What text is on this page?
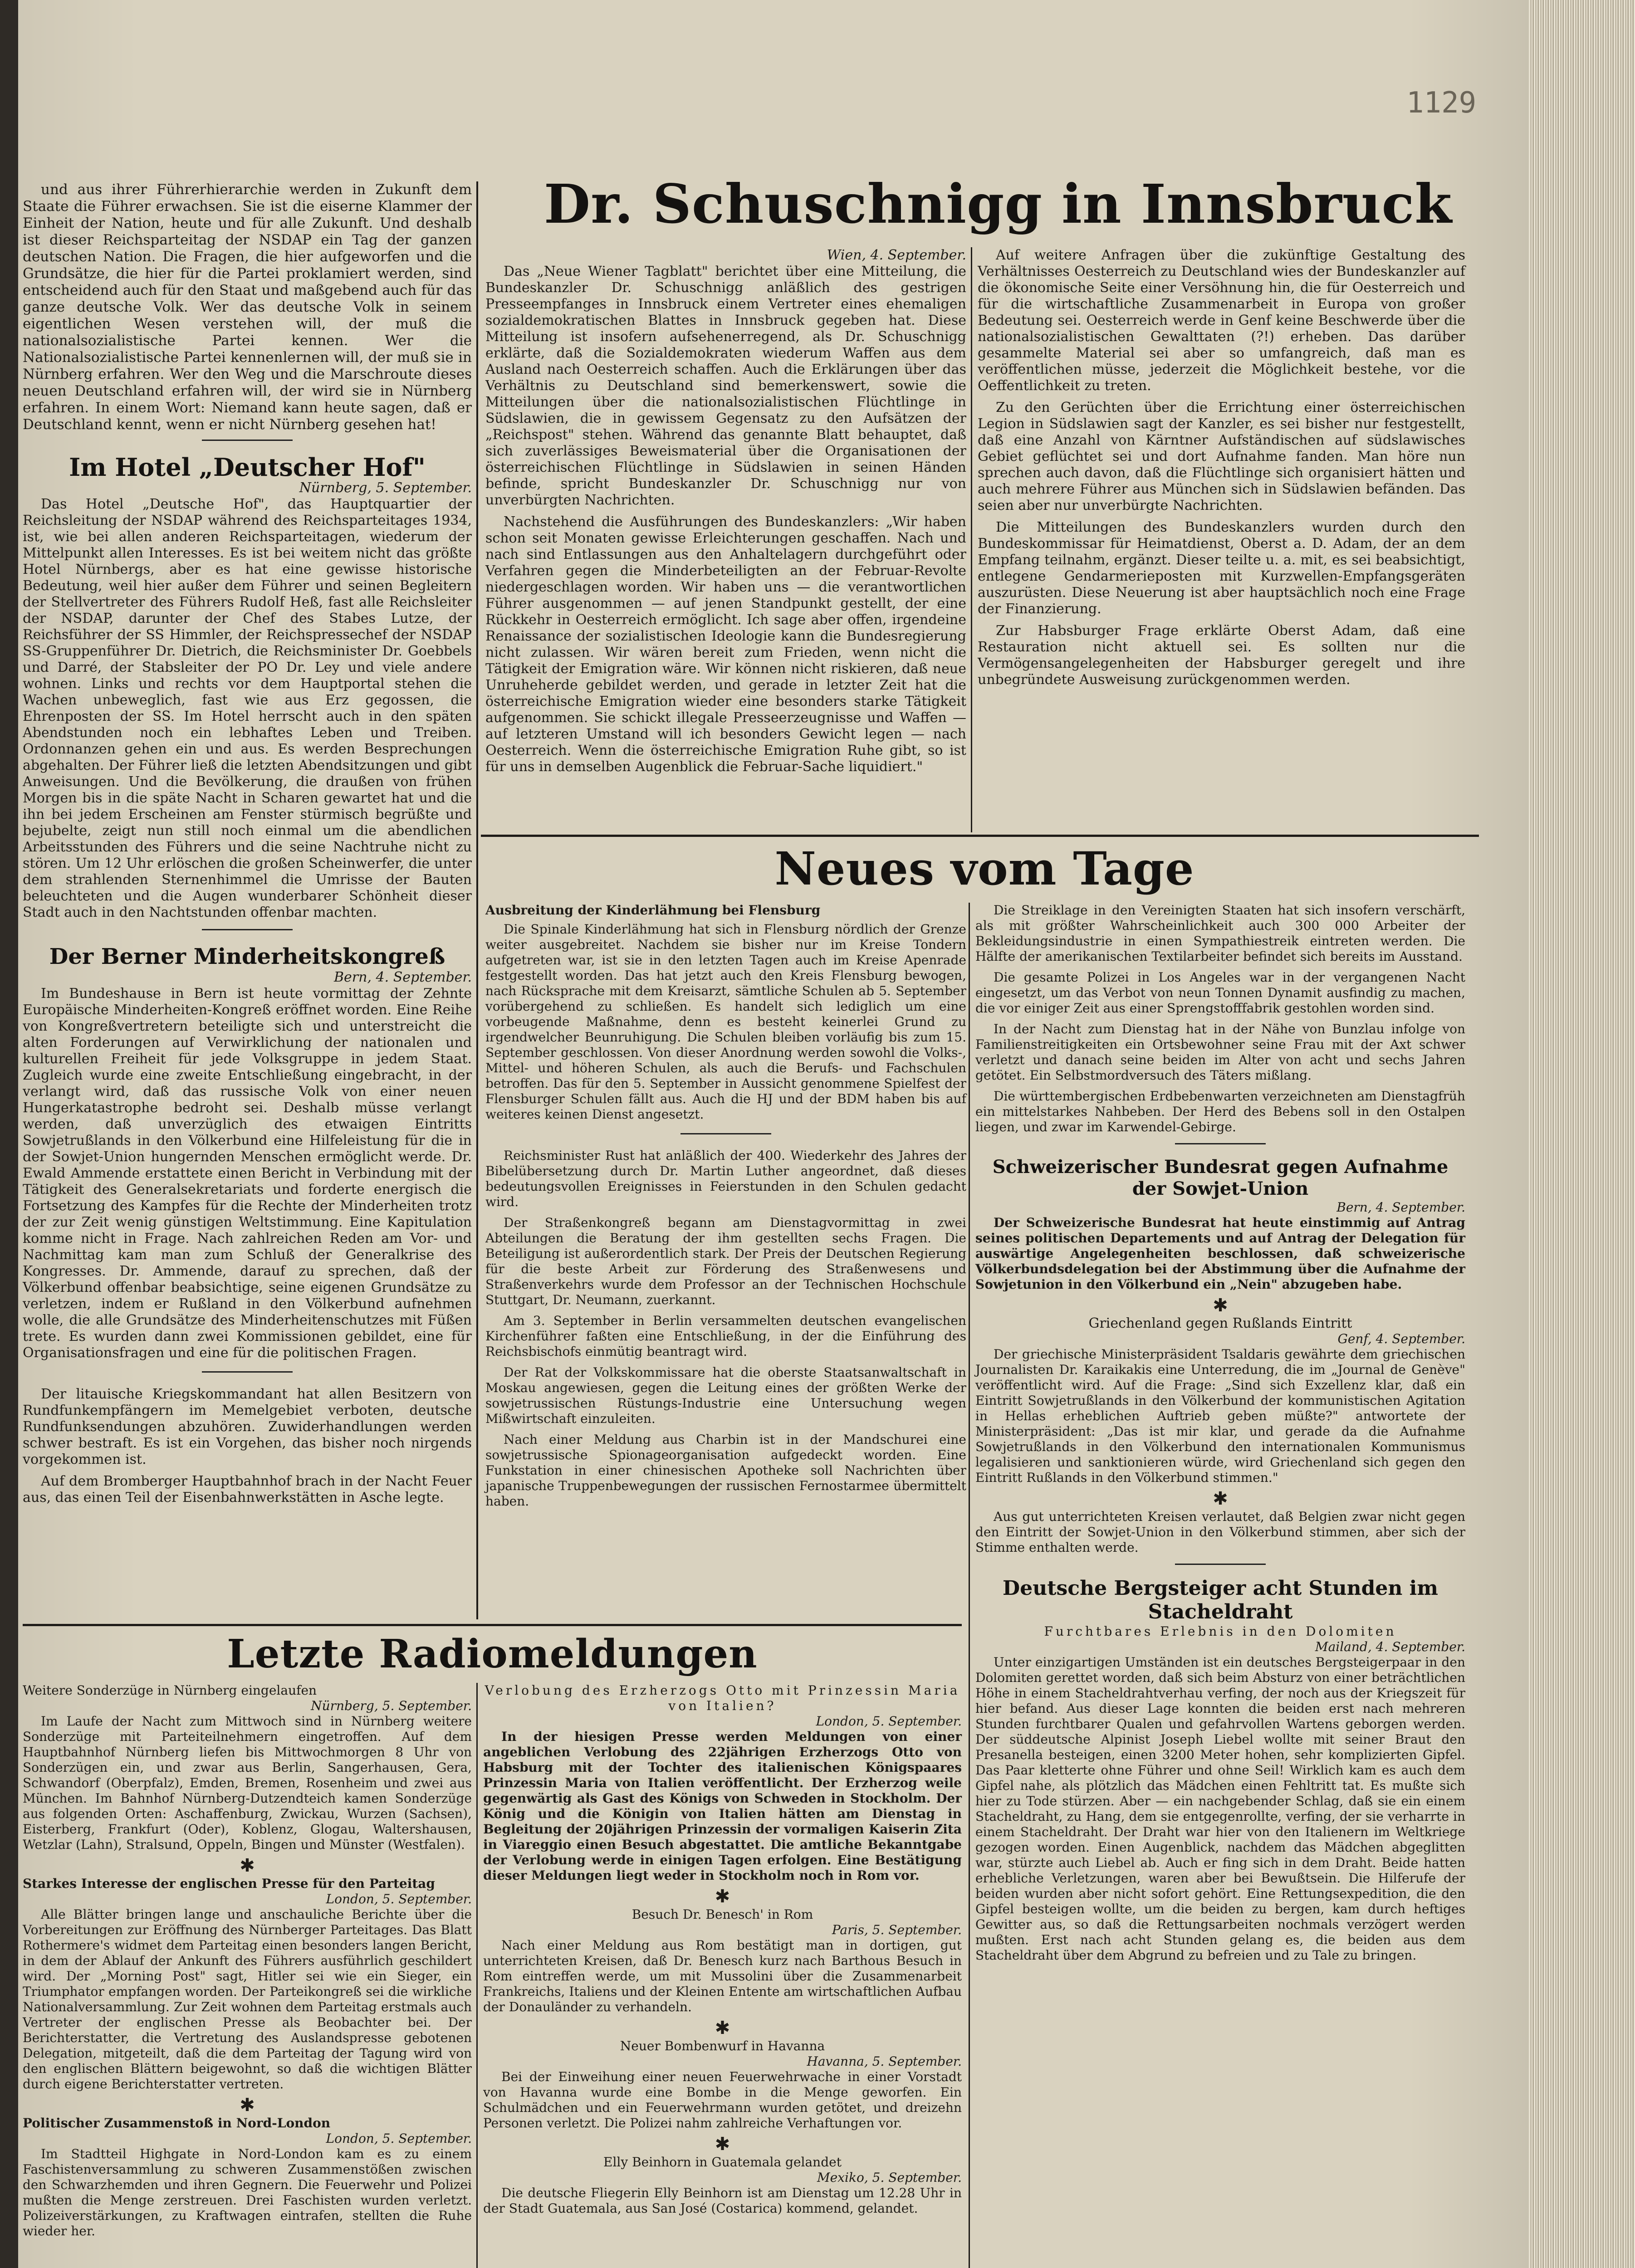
1129

und aus ihrer Führerhierarchie werden in Zukunft dem Staate die Führer erwachsen. Sie ist die eiserne Klammer der Einheit der Nation, heute und für alle Zukunft. Und deshalb ist dieser Reichsparteitag der NSDAP ein Tag der ganzen deutschen Nation. Die Fragen, die hier aufgeworfen und die Grundsätze, die hier für die Partei proklamiert werden, sind entscheidend auch für den Staat und maßgebend auch für das ganze deutsche Volk. Wer das deutsche Volk in seinem eigentlichen Wesen verstehen will, der muß die nationalsozialistische Partei kennen. Wer die Nationalsozialistische Partei kennenlernen will, der muß sie in Nürnberg erfahren. Wer den Weg und die Marschroute dieses neuen Deutschland erfahren will, der wird sie in Nürnberg erfahren. In einem Wort: Niemand kann heute sagen, daß er Deutschland kennt, wenn er nicht Nürnberg gesehen hat!

Im Hotel „Deutscher Hof"
Nürnberg, 5. September.

Das Hotel „Deutsche Hof", das Hauptquartier der Reichsleitung der NSDAP während des Reichsparteitages 1934, ist, wie bei allen anderen Reichsparteitagen, wiederum der Mittelpunkt allen Interesses. Es ist bei weitem nicht das größte Hotel Nürnbergs, aber es hat eine gewisse historische Bedeutung, weil hier außer dem Führer und seinen Begleitern der Stellvertreter des Führers Rudolf Heß, fast alle Reichsleiter der NSDAP, darunter der Chef des Stabes Lutze, der Reichsführer der SS Himmler, der Reichspressechef der NSDAP SS-Gruppenführer Dr. Dietrich, die Reichsminister Dr. Goebbels und Darré, der Stabsleiter der PO Dr. Ley und viele andere wohnen. Links und rechts vor dem Hauptportal stehen die Wachen unbeweglich, fast wie aus Erz gegossen, die Ehrenposten der SS. Im Hotel herrscht auch in den späten Abendstunden noch ein lebhaftes Leben und Treiben. Ordonnanzen gehen ein und aus. Es werden Besprechungen abgehalten. Der Führer ließ die letzten Abendsitzungen und gibt Anweisungen. Und die Bevölkerung, die draußen von frühen Morgen bis in die späte Nacht in Scharen gewartet hat und die ihn bei jedem Erscheinen am Fenster stürmisch begrüßte und bejubelte, zeigt nun still noch einmal um die abendlichen Arbeitsstunden des Führers und die seine Nachtruhe nicht zu stören. Um 12 Uhr erlöschen die großen Scheinwerfer, die unter dem strahlenden Sternenhimmel die Umrisse der Bauten beleuchteten und die Augen wunderbarer Schönheit dieser Stadt auch in den Nachtstunden offenbar machten.

Der Berner Minderheitskongreß
Bern, 4. September.

Im Bundeshause in Bern ist heute vormittag der Zehnte Europäische Minderheiten-Kongreß eröffnet worden. Eine Reihe von Kongreßvertretern beteiligte sich und unterstreicht die alten Forderungen auf Verwirklichung der nationalen und kulturellen Freiheit für jede Volksgruppe in jedem Staat. Zugleich wurde eine zweite Entschließung eingebracht, in der verlangt wird, daß das russische Volk von einer neuen Hungerkatastrophe bedroht sei. Deshalb müsse verlangt werden, daß unverzüglich des etwaigen Eintritts Sowjetrußlands in den Völkerbund eine Hilfeleistung für die in der Sowjet-Union hungernden Menschen ermöglicht werde. Dr. Ewald Ammende erstattete einen Bericht in Verbindung mit der Tätigkeit des Generalsekretariats und forderte energisch die Fortsetzung des Kampfes für die Rechte der Minderheiten trotz der zur Zeit wenig günstigen Weltstimmung. Eine Kapitulation komme nicht in Frage. Nach zahlreichen Reden am Vor- und Nachmittag kam man zum Schluß der Generalkrise des Kongresses. Dr. Ammende, darauf zu sprechen, daß der Völkerbund offenbar beabsichtige, seine eigenen Grundsätze zu verletzen, indem er Rußland in den Völkerbund aufnehmen wolle, die alle Grundsätze des Minderheitenschutzes mit Füßen trete. Es wurden dann zwei Kommissionen gebildet, eine für Organisationsfragen und eine für die politischen Fragen.

Der litauische Kriegskommandant hat allen Besitzern von Rundfunkempfängern im Memelgebiet verboten, deutsche Rundfunksendungen abzuhören. Zuwiderhandlungen werden schwer bestraft. Es ist ein Vorgehen, das bisher noch nirgends vorgekommen ist.

Auf dem Bromberger Hauptbahnhof brach in der Nacht Feuer aus, das einen Teil der Eisenbahnwerkstätten in Asche legte.

Dr. Schuschnigg in Innsbruck
Wien, 4. September.

Das „Neue Wiener Tagblatt" berichtet über eine Mitteilung, die Bundeskanzler Dr. Schuschnigg anläßlich des gestrigen Presseempfanges in Innsbruck einem Vertreter eines ehemaligen sozialdemokratischen Blattes in Innsbruck gegeben hat. Diese Mitteilung ist insofern aufsehenerregend, als Dr. Schuschnigg erklärte, daß die Sozialdemokraten wiederum Waffen aus dem Ausland nach Oesterreich schaffen. Auch die Erklärungen über das Verhältnis zu Deutschland sind bemerkenswert, sowie die Mitteilungen über die nationalsozialistischen Flüchtlinge in Südslawien, die in gewissem Gegensatz zu den Aufsätzen der „Reichspost" stehen. Während das genannte Blatt behauptet, daß sich zuverlässiges Beweismaterial über die Organisationen der österreichischen Flüchtlinge in Südslawien in seinen Händen befinde, spricht Bundeskanzler Dr. Schuschnigg nur von unverbürgten Nachrichten.

Nachstehend die Ausführungen des Bundeskanzlers: „Wir haben schon seit Monaten gewisse Erleichterungen geschaffen. Nach und nach sind Entlassungen aus den Anhaltelagern durchgeführt oder Verfahren gegen die Minderbeteiligten an der Februar-Revolte niedergeschlagen worden. Wir haben uns — die verantwortlichen Führer ausgenommen — auf jenen Standpunkt gestellt, der eine Rückkehr in Oesterreich ermöglicht. Ich sage aber offen, irgendeine Renaissance der sozialistischen Ideologie kann die Bundesregierung nicht zulassen. Wir wären bereit zum Frieden, wenn nicht die Tätigkeit der Emigration wäre. Wir können nicht riskieren, daß neue Unruheherde gebildet werden, und gerade in letzter Zeit hat die österreichische Emigration wieder eine besonders starke Tätigkeit aufgenommen. Sie schickt illegale Presseerzeugnisse und Waffen — auf letzteren Umstand will ich besonders Gewicht legen — nach Oesterreich. Wenn die österreichische Emigration Ruhe gibt, so ist für uns in demselben Augenblick die Februar-Sache liquidiert."

Auf weitere Anfragen über die zukünftige Gestaltung des Verhältnisses Oesterreich zu Deutschland wies der Bundeskanzler auf die ökonomische Seite einer Versöhnung hin, die für Oesterreich und für die wirtschaftliche Zusammenarbeit in Europa von großer Bedeutung sei. Oesterreich werde in Genf keine Beschwerde über die nationalsozialistischen Gewalttaten (?!) erheben. Das darüber gesammelte Material sei aber so umfangreich, daß man es veröffentlichen müsse, jederzeit die Möglichkeit bestehe, vor die Oeffentlichkeit zu treten.

Zu den Gerüchten über die Errichtung einer österreichischen Legion in Südslawien sagt der Kanzler, es sei bisher nur festgestellt, daß eine Anzahl von Kärntner Aufständischen auf südslawisches Gebiet geflüchtet sei und dort Aufnahme fanden. Man höre nun sprechen auch davon, daß die Flüchtlinge sich organisiert hätten und auch mehrere Führer aus München sich in Südslawien befänden. Das seien aber nur unverbürgte Nachrichten.

Die Mitteilungen des Bundeskanzlers wurden durch den Bundeskommissar für Heimatdienst, Oberst a. D. Adam, der an dem Empfang teilnahm, ergänzt. Dieser teilte u. a. mit, es sei beabsichtigt, entlegene Gendarmerieposten mit Kurzwellen-Empfangsgeräten auszurüsten. Diese Neuerung ist aber hauptsächlich noch eine Frage der Finanzierung.

Zur Habsburger Frage erklärte Oberst Adam, daß eine Restauration nicht aktuell sei. Es sollten nur die Vermögensangelegenheiten der Habsburger geregelt und ihre unbegründete Ausweisung zurückgenommen werden.

Neues vom Tage
Ausbreitung der Kinderlähmung bei Flensburg

Die Spinale Kinderlähmung hat sich in Flensburg nördlich der Grenze weiter ausgebreitet. Nachdem sie bisher nur im Kreise Tondern aufgetreten war, ist sie in den letzten Tagen auch im Kreise Apenrade festgestellt worden. Das hat jetzt auch den Kreis Flensburg bewogen, nach Rücksprache mit dem Kreisarzt, sämtliche Schulen ab 5. September vorübergehend zu schließen. Es handelt sich lediglich um eine vorbeugende Maßnahme, denn es besteht keinerlei Grund zu irgendwelcher Beunruhigung. Die Schulen bleiben vorläufig bis zum 15. September geschlossen. Von dieser Anordnung werden sowohl die Volks-, Mittel- und höheren Schulen, als auch die Berufs- und Fachschulen betroffen. Das für den 5. September in Aussicht genommene Spielfest der Flensburger Schulen fällt aus. Auch die HJ und der BDM haben bis auf weiteres keinen Dienst angesetzt.

Reichsminister Rust hat anläßlich der 400. Wiederkehr des Jahres der Bibelübersetzung durch Dr. Martin Luther angeordnet, daß dieses bedeutungsvollen Ereignisses in Feierstunden in den Schulen gedacht wird.

Der Straßenkongreß begann am Dienstagvormittag in zwei Abteilungen die Beratung der ihm gestellten sechs Fragen. Die Beteiligung ist außerordentlich stark. Der Preis der Deutschen Regierung für die beste Arbeit zur Förderung des Straßenwesens und Straßenverkehrs wurde dem Professor an der Technischen Hochschule Stuttgart, Dr. Neumann, zuerkannt.

Am 3. September in Berlin versammelten deutschen evangelischen Kirchenführer faßten eine Entschließung, in der die Einführung des Reichsbischofs einmütig beantragt wird.

Der Rat der Volkskommissare hat die oberste Staatsanwaltschaft in Moskau angewiesen, gegen die Leitung eines der größten Werke der sowjetrussischen Rüstungs-Industrie eine Untersuchung wegen Mißwirtschaft einzuleiten.

Nach einer Meldung aus Charbin ist in der Mandschurei eine sowjetrussische Spionageorganisation aufgedeckt worden. Eine Funkstation in einer chinesischen Apotheke soll Nachrichten über japanische Truppenbewegungen der russischen Fernostarmee übermittelt haben.

Die Streiklage in den Vereinigten Staaten hat sich insofern verschärft, als mit größter Wahrscheinlichkeit auch 300 000 Arbeiter der Bekleidungsindustrie in einen Sympathiestreik eintreten werden. Die Hälfte der amerikanischen Textilarbeiter befindet sich bereits im Ausstand.

Die gesamte Polizei in Los Angeles war in der vergangenen Nacht eingesetzt, um das Verbot von neun Tonnen Dynamit ausfindig zu machen, die vor einiger Zeit aus einer Sprengstofffabrik gestohlen worden sind.

In der Nacht zum Dienstag hat in der Nähe von Bunzlau infolge von Familienstreitigkeiten ein Ortsbewohner seine Frau mit der Axt schwer verletzt und danach seine beiden im Alter von acht und sechs Jahren getötet. Ein Selbstmordversuch des Täters mißlang.

Die württembergischen Erdbebenwarten verzeichneten am Dienstagfrüh ein mittelstarkes Nahbeben. Der Herd des Bebens soll in den Ostalpen liegen, und zwar im Karwendel-Gebirge.

Schweizerischer Bundesrat gegen Aufnahme der Sowjet-Union
Bern, 4. September.

Der Schweizerische Bundesrat hat heute einstimmig auf Antrag seines politischen Departements und auf Antrag der Delegation für auswärtige Angelegenheiten beschlossen, daß schweizerische Völkerbundsdelegation bei der Abstimmung über die Aufnahme der Sowjetunion in den Völkerbund ein „Nein" abzugeben habe.

✱
Griechenland gegen Rußlands Eintritt
Genf, 4. September.

Der griechische Ministerpräsident Tsaldaris gewährte dem griechischen Journalisten Dr. Karaikakis eine Unterredung, die im „Journal de Genève" veröffentlicht wird. Auf die Frage: „Sind sich Exzellenz klar, daß ein Eintritt Sowjetrußlands in den Völkerbund der kommunistischen Agitation in Hellas erheblichen Auftrieb geben müßte?" antwortete der Ministerpräsident: „Das ist mir klar, und gerade da die Aufnahme Sowjetrußlands in den Völkerbund den internationalen Kommunismus legalisieren und sanktionieren würde, wird Griechenland sich gegen den Eintritt Rußlands in den Völkerbund stimmen."

✱

Aus gut unterrichteten Kreisen verlautet, daß Belgien zwar nicht gegen den Eintritt der Sowjet-Union in den Völkerbund stimmen, aber sich der Stimme enthalten werde.

Deutsche Bergsteiger acht Stunden im Stacheldraht
Furchtbares Erlebnis in den Dolomiten
Mailand, 4. September.

Unter einzigartigen Umständen ist ein deutsches Bergsteigerpaar in den Dolomiten gerettet worden, daß sich beim Absturz von einer beträchtlichen Höhe in einem Stacheldrahtverhau verfing, der noch aus der Kriegszeit für hier befand. Aus dieser Lage konnten die beiden erst nach mehreren Stunden furchtbarer Qualen und gefahrvollen Wartens geborgen werden. Der süddeutsche Alpinist Joseph Liebel wollte mit seiner Braut den Presanella besteigen, einen 3200 Meter hohen, sehr komplizierten Gipfel. Das Paar kletterte ohne Führer und ohne Seil! Wirklich kam es auch dem Gipfel nahe, als plötzlich das Mädchen einen Fehltritt tat. Es mußte sich hier zu Tode stürzen. Aber — ein nachgebender Schlag, daß sie ein einem Stacheldraht, zu Hang, dem sie entgegenrollte, verfing, der sie verharrte in einem Stacheldraht. Der Draht war hier von den Italienern im Weltkriege gezogen worden. Einen Augenblick, nachdem das Mädchen abgeglitten war, stürzte auch Liebel ab. Auch er fing sich in dem Draht. Beide hatten erhebliche Verletzungen, waren aber bei Bewußtsein. Die Hilferufe der beiden wurden aber nicht sofort gehört. Eine Rettungsexpedition, die den Gipfel besteigen wollte, um die beiden zu bergen, kam durch heftiges Gewitter aus, so daß die Rettungsarbeiten nochmals verzögert werden mußten. Erst nach acht Stunden gelang es, die beiden aus dem Stacheldraht über dem Abgrund zu befreien und zu Tale zu bringen.

Letzte Radiomeldungen
Weitere Sonderzüge in Nürnberg eingelaufen
Nürnberg, 5. September.

Im Laufe der Nacht zum Mittwoch sind in Nürnberg weitere Sonderzüge mit Parteiteilnehmern eingetroffen. Auf dem Hauptbahnhof Nürnberg liefen bis Mittwochmorgen 8 Uhr von Sonderzügen ein, und zwar aus Berlin, Sangerhausen, Gera, Schwandorf (Oberpfalz), Emden, Bremen, Rosenheim und zwei aus München. Im Bahnhof Nürnberg-Dutzendteich kamen Sonderzüge aus folgenden Orten: Aschaffenburg, Zwickau, Wurzen (Sachsen), Eisterberg, Frankfurt (Oder), Koblenz, Glogau, Waltershausen, Wetzlar (Lahn), Stralsund, Oppeln, Bingen und Münster (Westfalen).

✱
Starkes Interesse der englischen Presse für den Parteitag
London, 5. September.

Alle Blätter bringen lange und anschauliche Berichte über die Vorbereitungen zur Eröffnung des Nürnberger Parteitages. Das Blatt Rothermere's widmet dem Parteitag einen besonders langen Bericht, in dem der Ablauf der Ankunft des Führers ausführlich geschildert wird. Der „Morning Post" sagt, Hitler sei wie ein Sieger, ein Triumphator empfangen worden. Der Parteikongreß sei die wirkliche Nationalversammlung. Zur Zeit wohnen dem Parteitag erstmals auch Vertreter der englischen Presse als Beobachter bei. Der Berichterstatter, die Vertretung des Auslandspresse gebotenen Delegation, mitgeteilt, daß die dem Parteitag der Tagung wird von den englischen Blättern beigewohnt, so daß die wichtigen Blätter durch eigene Berichterstatter vertreten.

✱
Politischer Zusammenstoß in Nord-London
London, 5. September.

Im Stadtteil Highgate in Nord-London kam es zu einem Faschistenversammlung zu schweren Zusammenstößen zwischen den Schwarzhemden und ihren Gegnern. Die Feuerwehr und Polizei mußten die Menge zerstreuen. Drei Faschisten wurden verletzt. Polizeiverstärkungen, zu Kraftwagen eintrafen, stellten die Ruhe wieder her.

Verlobung des Erzherzogs Otto mit Prinzessin Maria von Italien?
London, 5. September.

In der hiesigen Presse werden Meldungen von einer angeblichen Verlobung des 22jährigen Erzherzogs Otto von Habsburg mit der Tochter des italienischen Königspaares Prinzessin Maria von Italien veröffentlicht. Der Erzherzog weile gegenwärtig als Gast des Königs von Schweden in Stockholm. Der König und die Königin von Italien hätten am Dienstag in Begleitung der 20jährigen Prinzessin der vormaligen Kaiserin Zita in Viareggio einen Besuch abgestattet. Die amtliche Bekanntgabe der Verlobung werde in einigen Tagen erfolgen. Eine Bestätigung dieser Meldungen liegt weder in Stockholm noch in Rom vor.

✱
Besuch Dr. Benesch' in Rom
Paris, 5. September.

Nach einer Meldung aus Rom bestätigt man in dortigen, gut unterrichteten Kreisen, daß Dr. Benesch kurz nach Barthous Besuch in Rom eintreffen werde, um mit Mussolini über die Zusammenarbeit Frankreichs, Italiens und der Kleinen Entente am wirtschaftlichen Aufbau der Donauländer zu verhandeln.

✱
Neuer Bombenwurf in Havanna
Havanna, 5. September.

Bei der Einweihung einer neuen Feuerwehrwache in einer Vorstadt von Havanna wurde eine Bombe in die Menge geworfen. Ein Schulmädchen und ein Feuerwehrmann wurden getötet, und dreizehn Personen verletzt. Die Polizei nahm zahlreiche Verhaftungen vor.

✱
Elly Beinhorn in Guatemala gelandet
Mexiko, 5. September.

Die deutsche Fliegerin Elly Beinhorn ist am Dienstag um 12.28 Uhr in der Stadt Guatemala, aus San José (Costarica) kommend, gelandet.
